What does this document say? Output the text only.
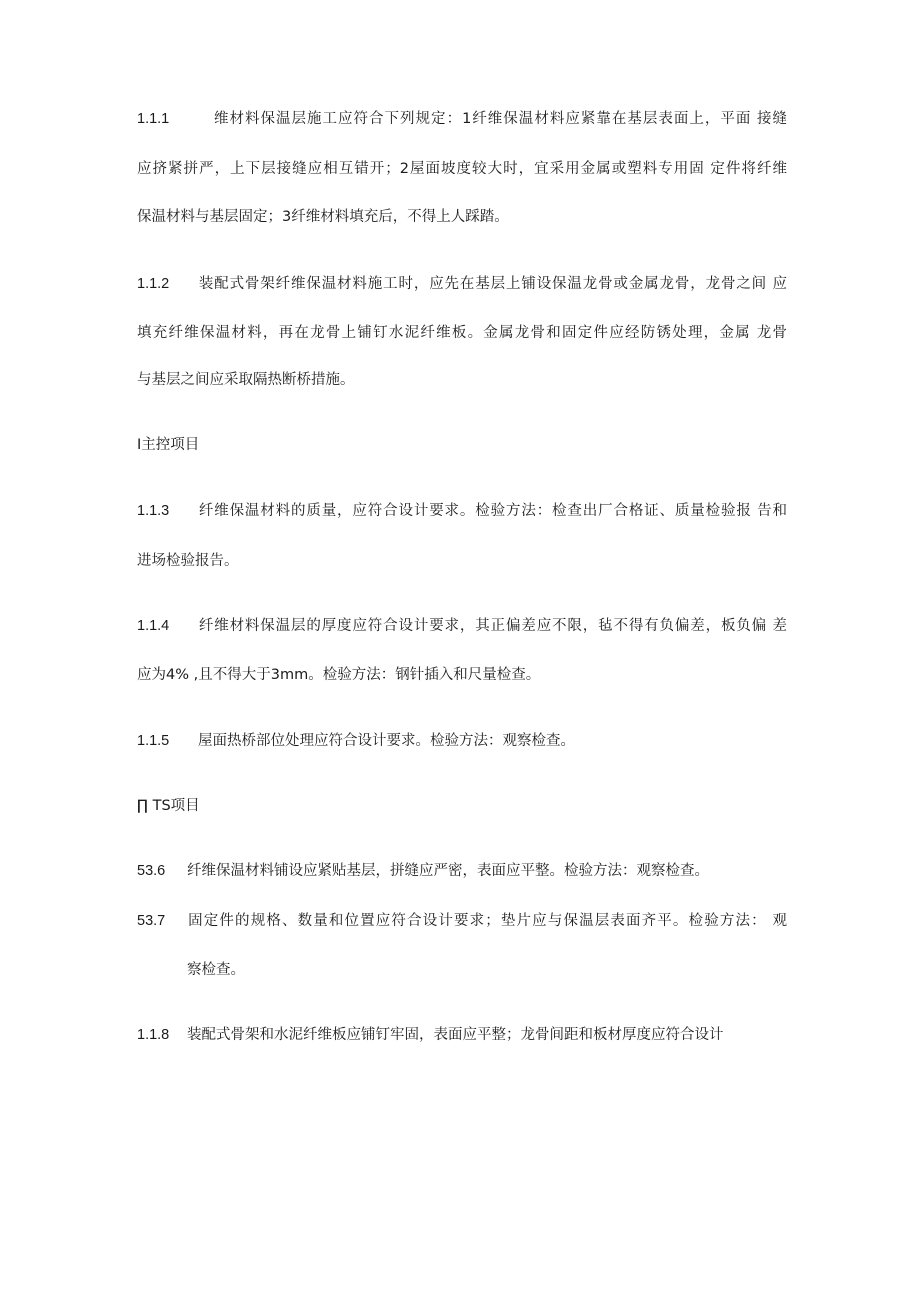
1.1.1	维材料保温层施工应符合下列规定：1纤维保温材料应紧靠在基层表面上，平面 接缝
应挤紧拼严，上下层接缝应相互错开；2屋面坡度较大时，宜采用金属或塑料专用固 定件将纤维
保温材料与基层固定；3纤维材料填充后，不得上人踩踏。
1.1.2 装配式骨架纤维保温材料施工时，应先在基层上铺设保温龙骨或金属龙骨，龙骨之间 应
填充纤维保温材料，再在龙骨上铺钉水泥纤维板。金属龙骨和固定件应经防锈处理，金属 龙骨
与基层之间应采取隔热断桥措施。
I主控项目
1.1.3 纤维保温材料的质量，应符合设计要求。检验方法：检查出厂合格证、质量检验报 告和
进场检验报告。
1.1.4 纤维材料保温层的厚度应符合设计要求，其正偏差应不限，毡不得有负偏差，板负偏 差
应为4% ,且不得大于3mm。检验方法：钢针插入和尺量检查。
1.1.5 屋面热桥部位处理应符合设计要求。检验方法：观察检查。
∏ TS项目
53.6 纤维保温材料铺设应紧贴基层，拼缝应严密，表面应平整。检验方法：观察检查。
53.7 固定件的规格、数量和位置应符合设计要求；垫片应与保温层表面齐平。检验方法： 观
察检查。
1.1.8 装配式骨架和水泥纤维板应铺钉牢固，表面应平整；龙骨间距和板材厚度应符合设计
